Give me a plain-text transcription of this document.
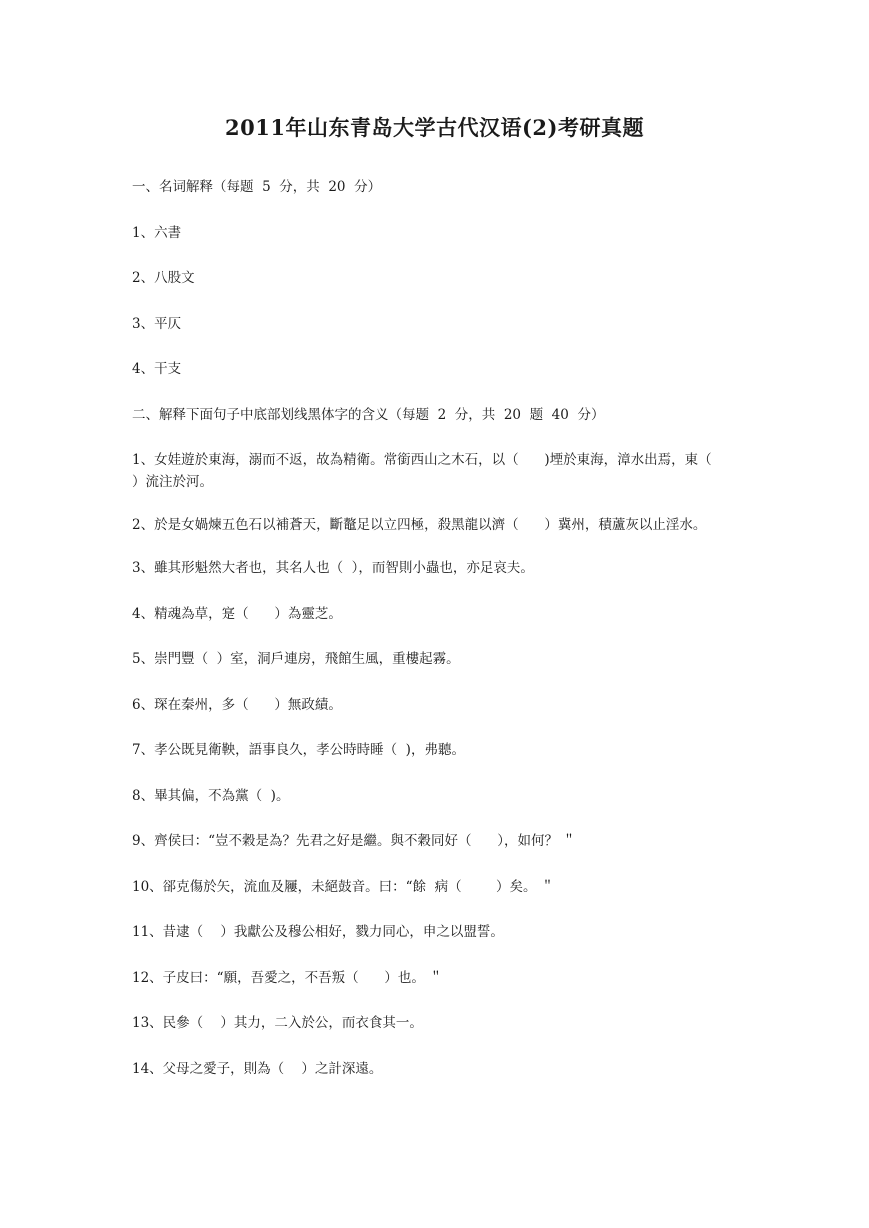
2011年山东青岛大学古代汉语(2)考研真题
一、名词解释（每题  5  分，共  20  分）
1、六書
2、八股文
3、平仄
4、干支
二、解释下面句子中底部划线黑体字的含义（每题  2  分，共  20  题  40  分）
1、女娃遊於東海，溺而不返，故為精衛。常銜西山之木石，以（      )堙於東海，漳水出焉，東（        ）流注於河。
2、於是女媧煉五色石以補蒼天，斷鼇足以立四極，殺黑龍以濟（      ）冀州，積蘆灰以止淫水。
3、雖其形魁然大者也，其名人也（  ），而智則小蟲也，亦足哀夫。
4、精魂為草，寔（      ）為靈芝。
5、崇門豐（  ）室，洞戶連房，飛館生風，重樓起霧。
6、琛在秦州，多（      ）無政績。
7、孝公既見衛鞅，語事良久，孝公時時睡（  )，弗聽。
8、畢其偏，不為黨（  )。
9、齊侯曰：“豈不穀是為？先君之好是繼。與不穀同好（      ），如何？ ＂
10、郤克傷於矢，流血及屨，未絕鼓音。曰：“餘  病（        ）矣。 ＂
11、昔逮（    ）我獻公及穆公相好，戮力同心，申之以盟誓。
12、子皮曰：“願，吾愛之，不吾叛（      ）也。 ＂
13、民參（    ）其力，二入於公，而衣食其一。
14、父母之愛子，則為（    ）之計深遠。
